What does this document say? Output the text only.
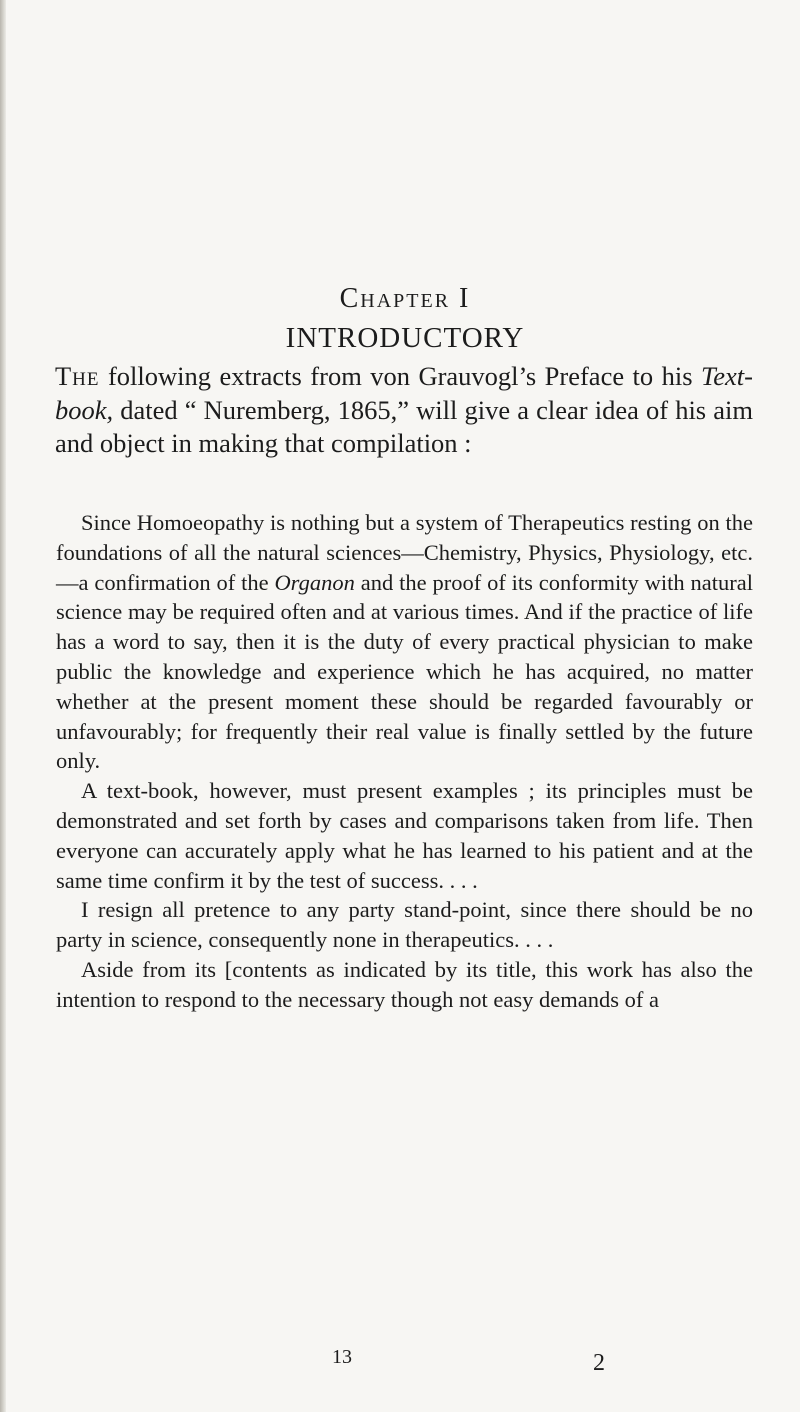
Chapter I
INTRODUCTORY

The following extracts from von Grauvogl’s Preface to his Text-book, dated “ Nuremberg, 1865,” will give a clear idea of his aim and object in making that compilation :

Since Homoeopathy is nothing but a system of Therapeutics resting on the foundations of all the natural sciences—Chemistry, Physics, Physiology, etc.—a confirmation of the Organon and the proof of its conformity with natural science may be required often and at various times. And if the practice of life has a word to say, then it is the duty of every practical physician to make public the knowledge and experience which he has acquired, no matter whether at the present moment these should be regarded favourably or unfavourably; for frequently their real value is finally settled by the future only.

A text-book, however, must present examples ; its principles must be demonstrated and set forth by cases and comparisons taken from life. Then everyone can accurately apply what he has learned to his patient and at the same time confirm it by the test of success. . . .

I resign all pretence to any party stand-point, since there should be no party in science, consequently none in therapeutics. . . .

Aside from its [contents as indicated by its title, this work has also the intention to respond to the necessary though not easy demands of a

13	2
